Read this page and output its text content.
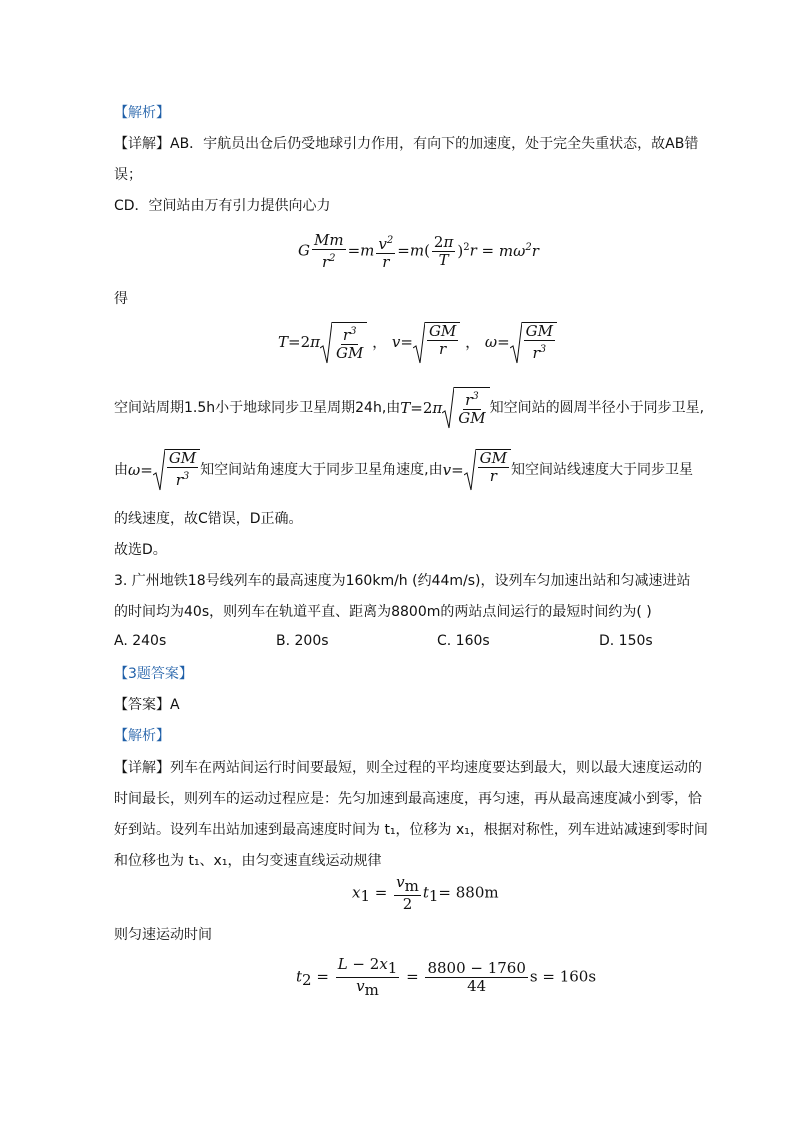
【解析】
【详解】AB．宇航员出仓后仍受地球引力作用，有向下的加速度，处于完全失重状态，故AB错
误；
CD．空间站由万有引力提供向心力
G $\frac{Mm}{r^2} =m \frac{v^2}{r} =m( \frac{2\pi}{T} )^2r = m\omega^2r$
得
$T=2\pi \frac{r^3}{GM}$ ， $v= \frac{GM}{r}$ ， $\omega= \frac{GM}{r^3}$
空间站周期1.5h小于地球同步卫星周期24h,由 T =2 π $\frac{r^3}{GM}$ 知空间站的圆周半径小于同步卫星,
由 $\omega = \frac{GM}{r^3}$ 知空间站角速度大于同步卫星角速度,由 $v = \frac{GM}{r}$ 知空间站线速度大于同步卫星
的线速度，故C错误，D正确。
故选D。
3. 广州地铁18号线列车的最高速度为160km/h (约44m/s)，设列车匀加速出站和匀减速进站
的时间均为40s，则列车在轨道平直、距离为8800m的两站点间运行的最短时间约为( )
A. 240s	B. 200s	C. 160s	D. 150s
【3题答案】
【答案】A
【解析】
【详解】列车在两站间运行时间要最短，则全过程的平均速度要达到最大，则以最大速度运动的
时间最长，则列车的运动过程应是：先匀加速到最高速度，再匀速，再从最高速度减小到零，恰
好到站。设列车出站加速到最高速度时间为 t₁，位移为 x₁，根据对称性，列车进站减速到零时间
和位移也为 t₁、x₁，由匀变速直线运动规律
$x_1 = \frac{v_m}{2} t_1= 880m$
则匀速运动时间
$t_2 = \frac{L - 2x_1}{v_m} = \frac{8800 - 1760}{44}$ s = 160s
